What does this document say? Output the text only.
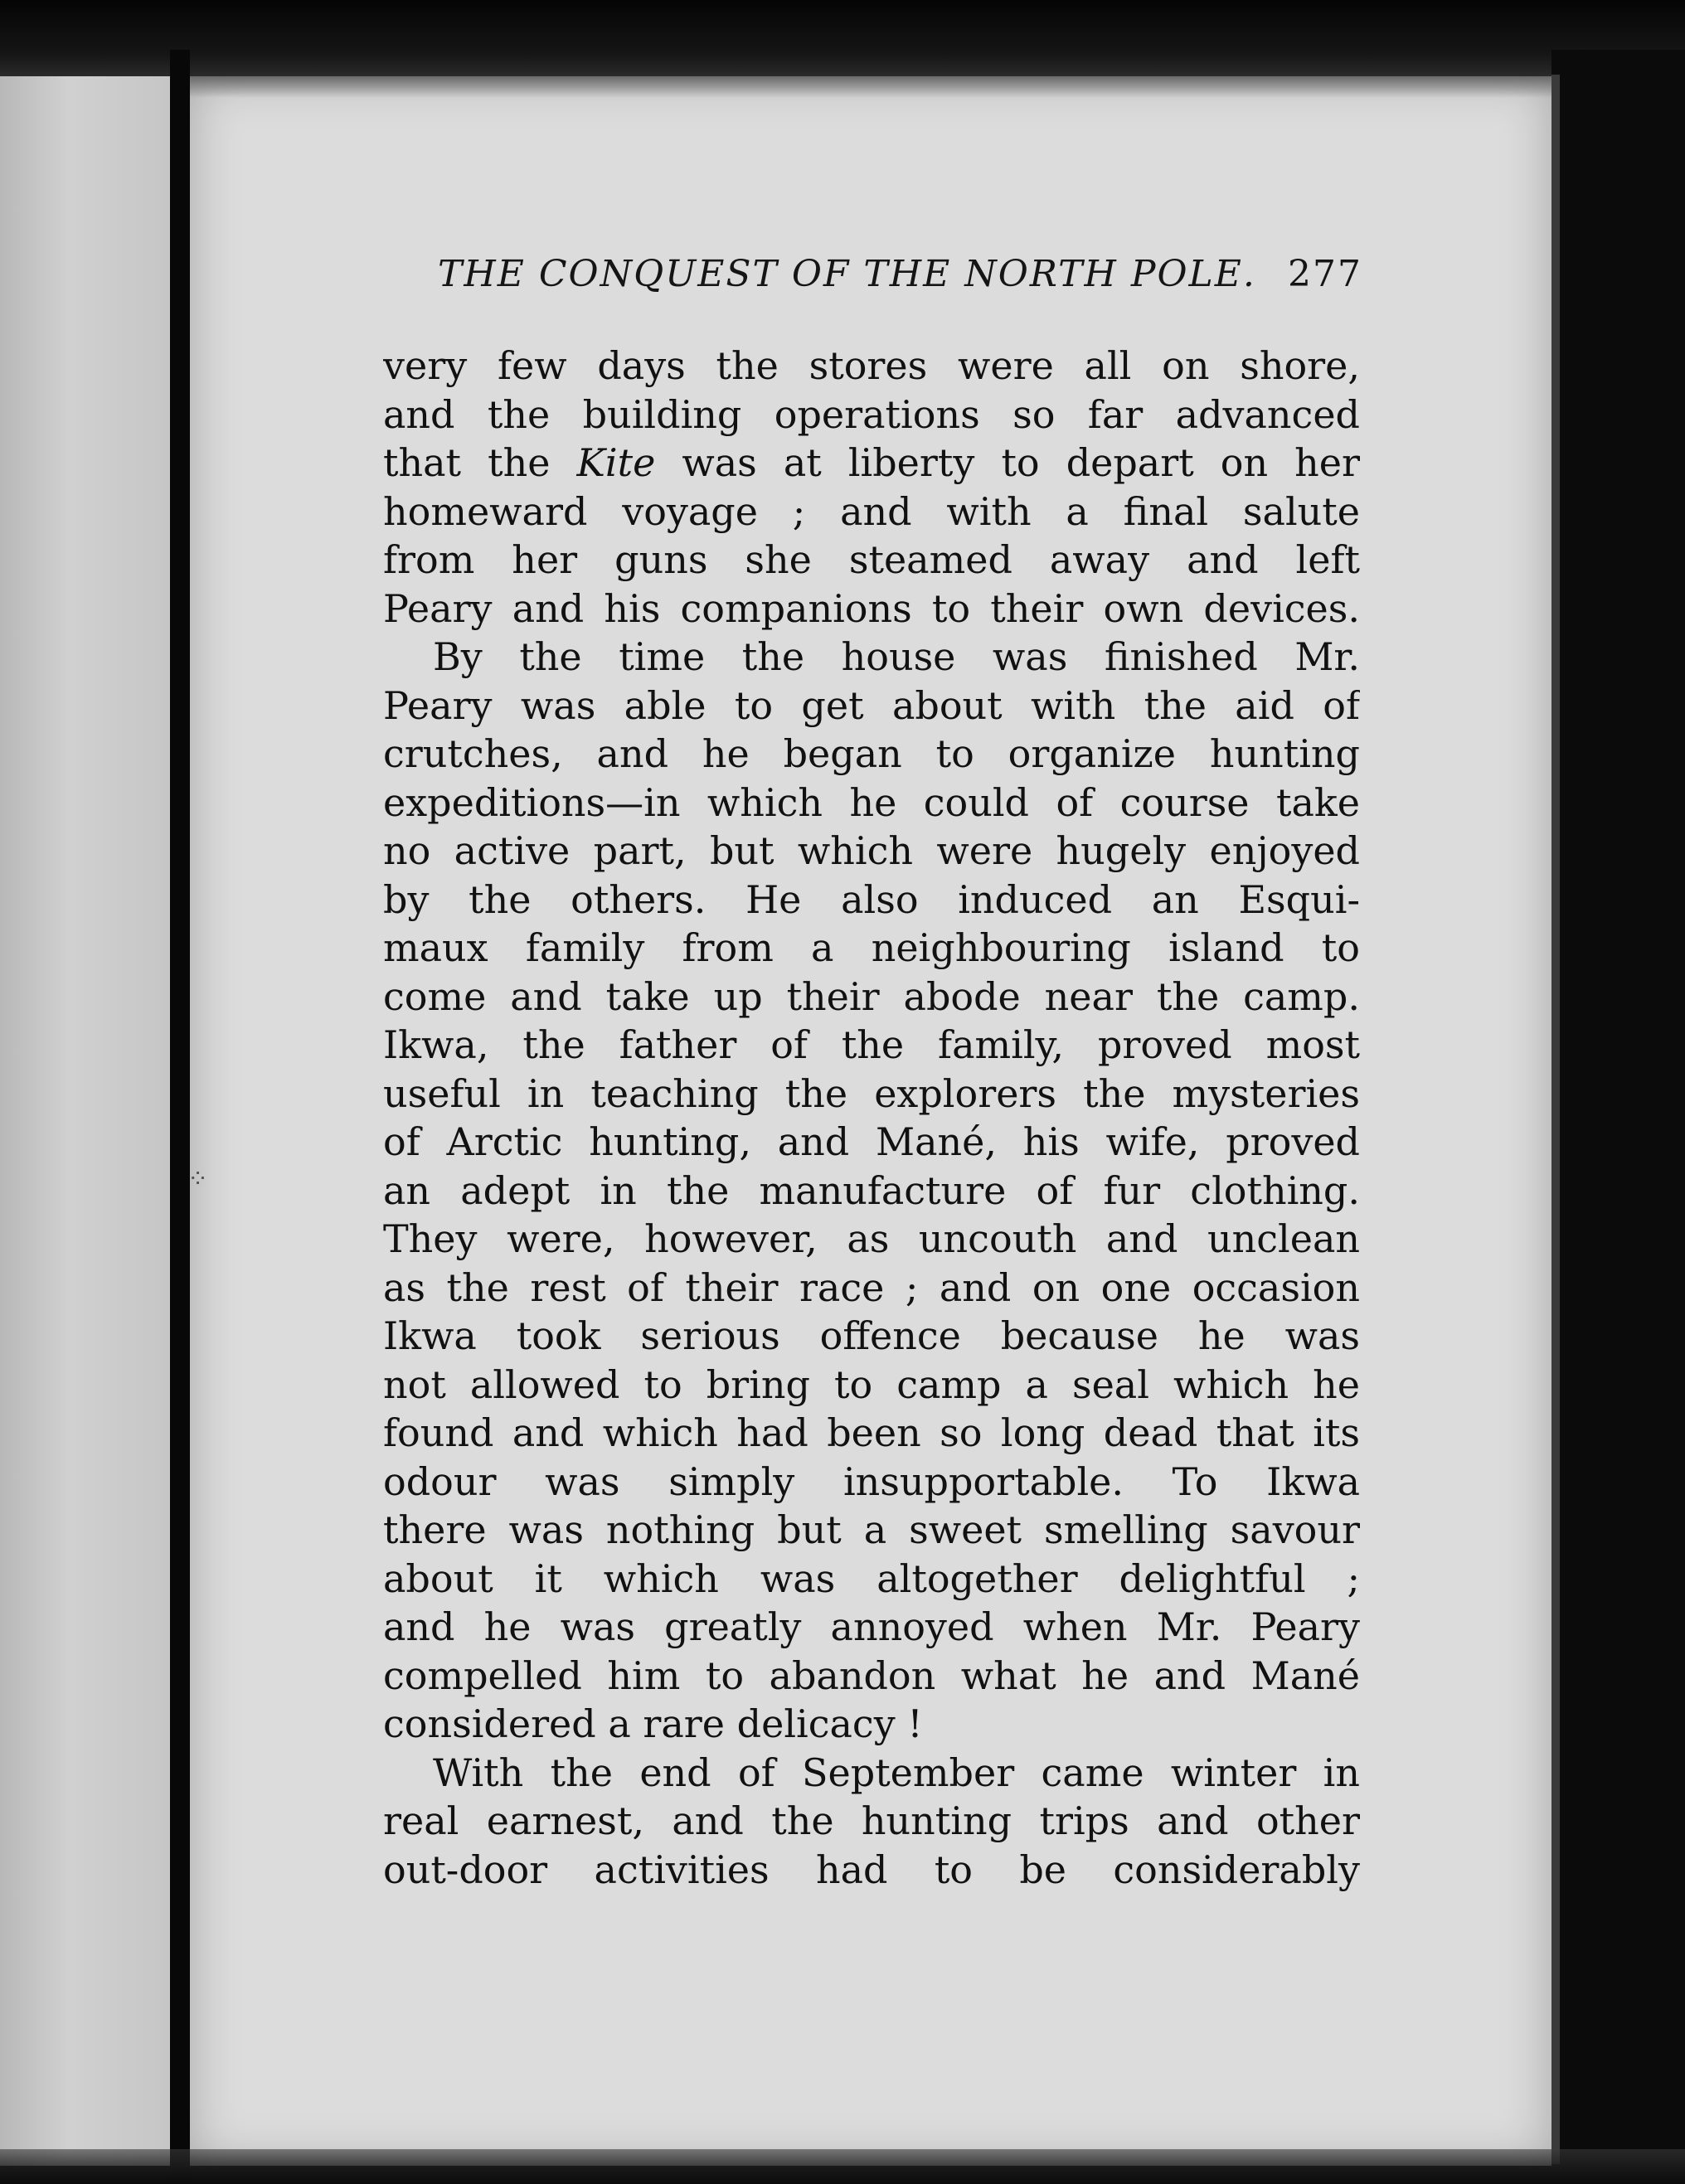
⁘
THE CONQUEST OF THE NORTH POLE. 277
very few days the stores were all on shore,
and the building operations so far advanced
that the Kite was at liberty to depart on her
homeward voyage ; and with a final salute
from her guns she steamed away and left
Peary and his companions to their own devices.
By the time the house was finished Mr.
Peary was able to get about with the aid of
crutches, and he began to organize hunting
expeditions—in which he could of course take
no active part, but which were hugely enjoyed
by the others. He also induced an Esqui-
maux family from a neighbouring island to
come and take up their abode near the camp.
Ikwa, the father of the family, proved most
useful in teaching the explorers the mysteries
of Arctic hunting, and Mané, his wife, proved
an adept in the manufacture of fur clothing.
They were, however, as uncouth and unclean
as the rest of their race ; and on one occasion
Ikwa took serious offence because he was
not allowed to bring to camp a seal which he
found and which had been so long dead that its
odour was simply insupportable. To Ikwa
there was nothing but a sweet smelling savour
about it which was altogether delightful ;
and he was greatly annoyed when Mr. Peary
compelled him to abandon what he and Mané
considered a rare delicacy !
With the end of September came winter in
real earnest, and the hunting trips and other
out-door activities had to be considerably
